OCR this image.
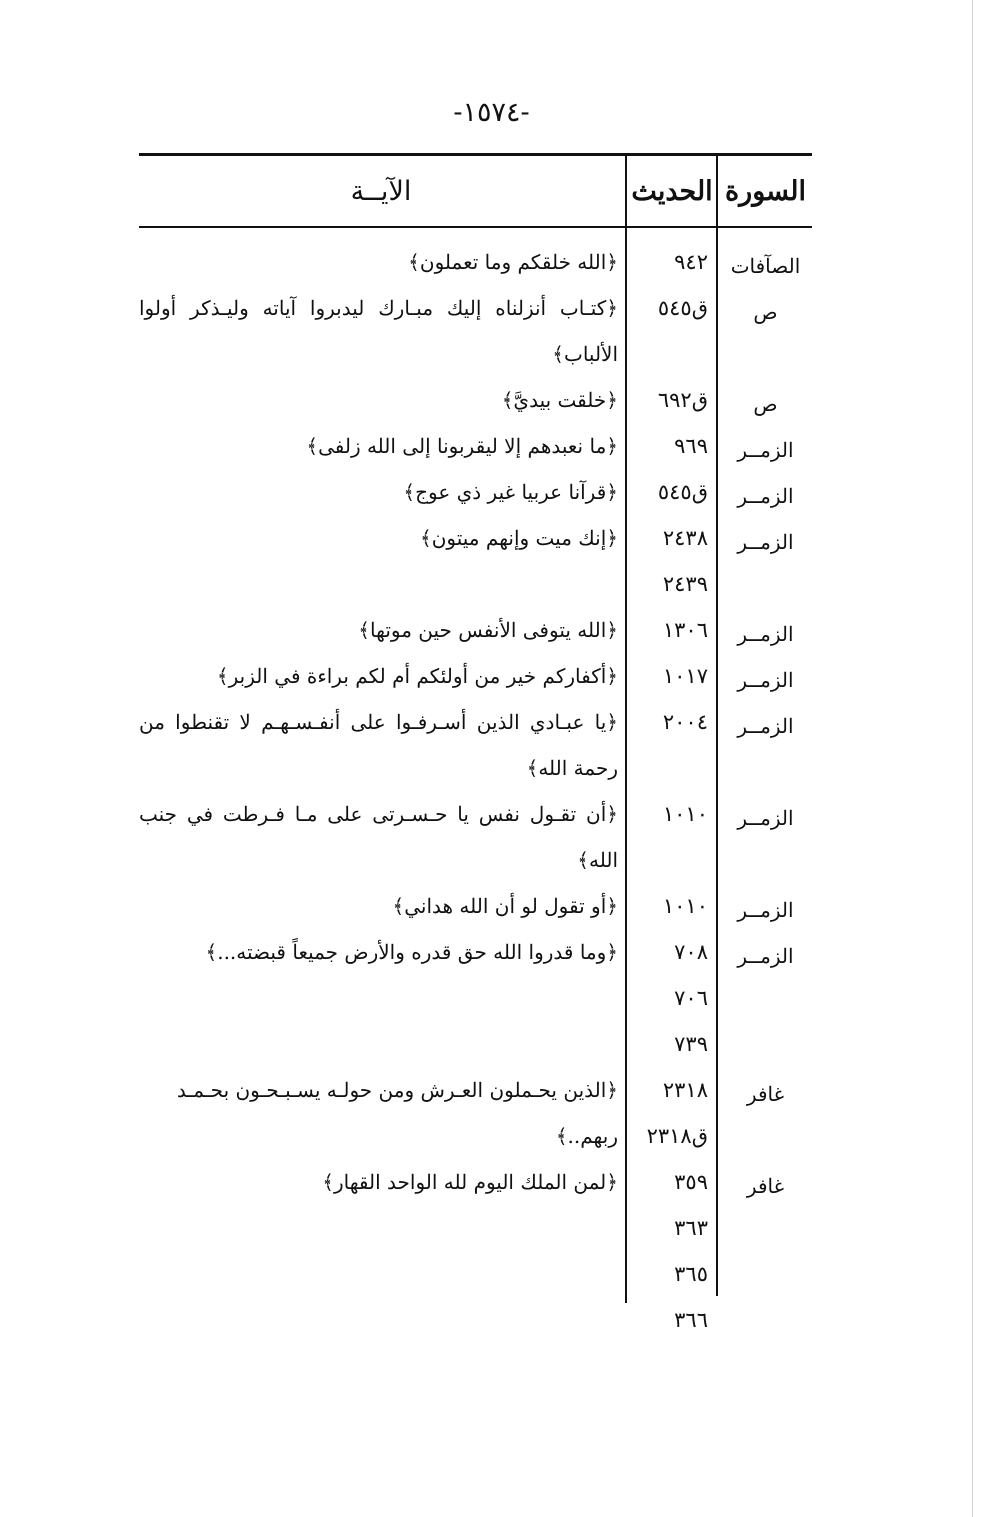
-١٥٧٤-
السورة
الحديث
الآيــة
الصآفات
٩٤٢
﴿الله خلقكم وما تعملون﴾
ص
ق٥٤٥
﴿كتـاب أنزلناه إليك مبـارك ليدبروا آياته وليـذكر أولوا الألباب﴾
ص
ق٦٩٢
﴿خلقت بيديَّ﴾
الزمــر
٩٦٩
﴿ما نعبدهم إلا ليقربونا إلى الله زلفى﴾
الزمــر
ق٥٤٥
﴿قرآنا عربيا غير ذي عوج﴾
الزمــر
٢٤٣٨
﴿إنك ميت وإنهم ميتون﴾
٢٤٣٩
الزمــر
١٣٠٦
﴿الله يتوفى الأنفس حين موتها﴾
الزمــر
١٠١٧
﴿أكفاركم خير من أولئكم أم لكم براءة في الزبر﴾
الزمــر
٢٠٠٤
﴿يا عبـادي الذين أسـرفـوا على أنفـسـهـم لا تقنطوا من رحمة الله﴾
الزمــر
١٠١٠
﴿أن تقـول نفس يا حـسـرتى على مـا فـرطت في جنب الله﴾
الزمــر
١٠١٠
﴿أو تقول لو أن الله هداني﴾
الزمــر
٧٠٨
﴿وما قدروا الله حق قدره والأرض جميعاً قبضته...﴾
٧٠٦
٧٣٩
غافر
٢٣١٨
﴿الذين يحـملون العـرش ومن حولـه يسـبـحـون بحـمـد
ق٢٣١٨
ربهم..﴾
غافر
٣٥٩
﴿لمن الملك اليوم لله الواحد القهار﴾
٣٦٣
٣٦٥
٣٦٦
